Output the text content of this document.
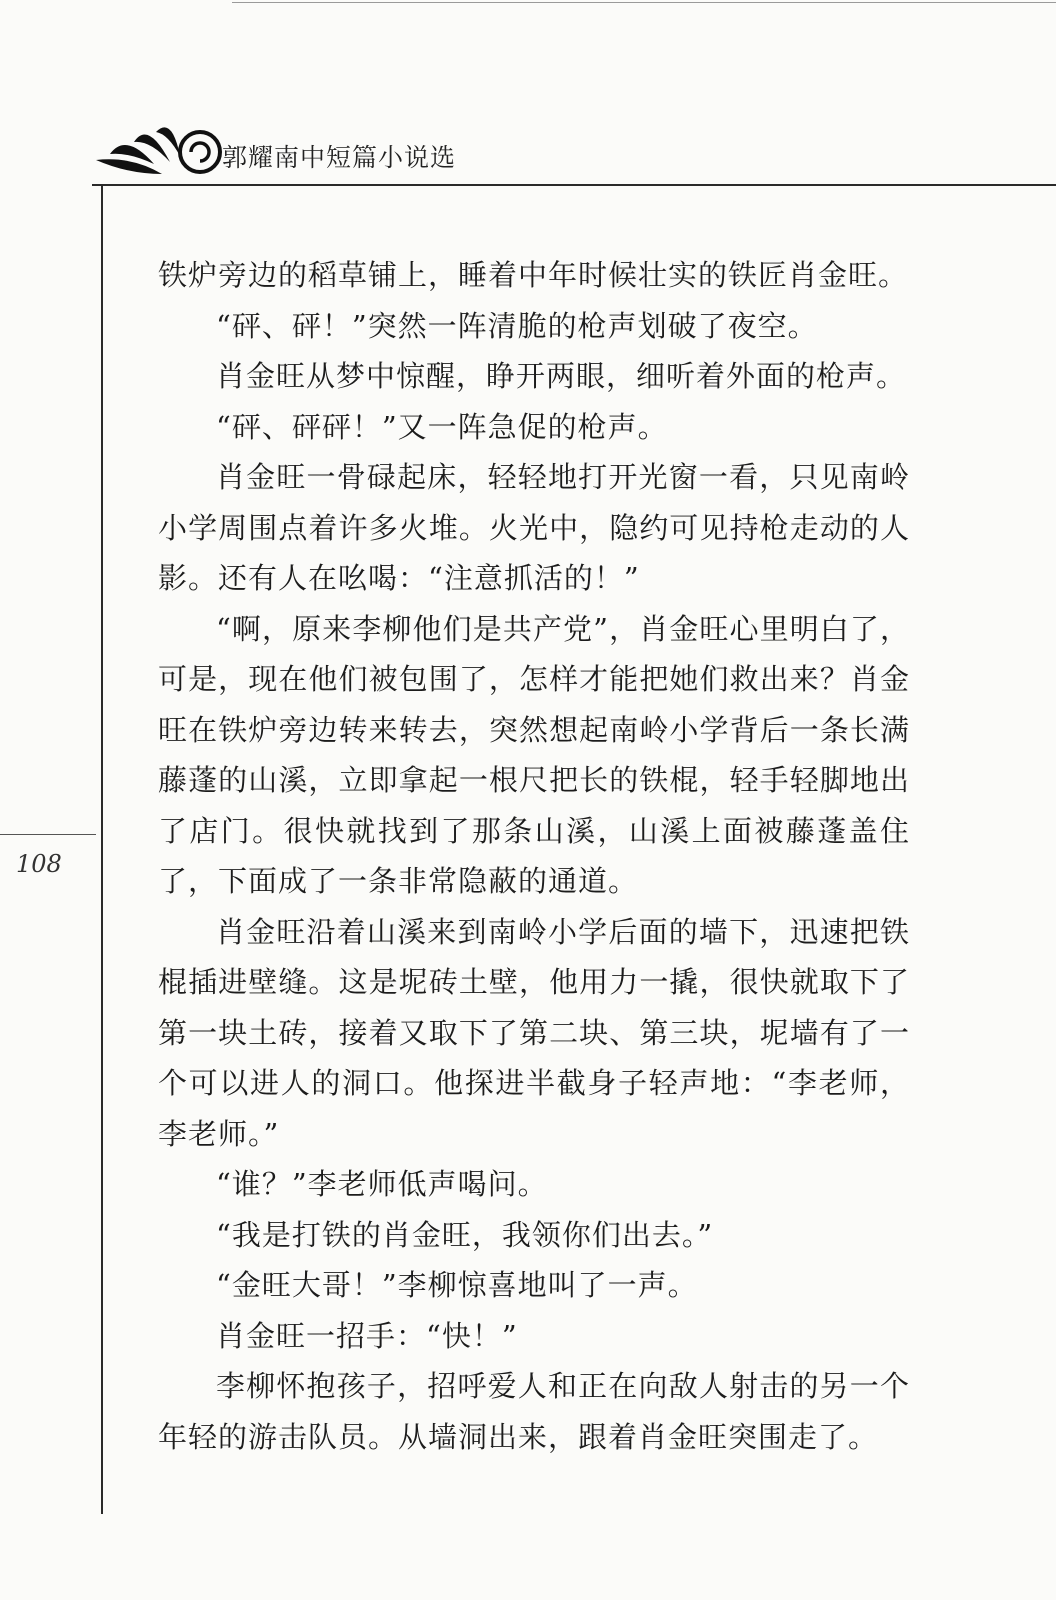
郭耀南中短篇小说选
108

铁炉旁边的稻草铺上，睡着中年时候壮实的铁匠肖金旺。

“砰、砰！”突然一阵清脆的枪声划破了夜空。

肖金旺从梦中惊醒，睁开两眼，细听着外面的枪声。

“砰、砰砰！”又一阵急促的枪声。

肖金旺一骨碌起床，轻轻地打开光窗一看，只见南岭小学周围点着许多火堆。火光中，隐约可见持枪走动的人影。还有人在吆喝：“注意抓活的！”

“啊，原来李柳他们是共产党”，肖金旺心里明白了，可是，现在他们被包围了，怎样才能把她们救出来？肖金旺在铁炉旁边转来转去，突然想起南岭小学背后一条长满藤蓬的山溪，立即拿起一根尺把长的铁棍，轻手轻脚地出了店门。很快就找到了那条山溪，山溪上面被藤蓬盖住了，下面成了一条非常隐蔽的通道。

肖金旺沿着山溪来到南岭小学后面的墙下，迅速把铁棍插进壁缝。这是坭砖土壁，他用力一撬，很快就取下了第一块土砖，接着又取下了第二块、第三块，坭墙有了一个可以进人的洞口。他探进半截身子轻声地：“李老师，李老师。”

“谁？”李老师低声喝问。

“我是打铁的肖金旺，我领你们出去。”

“金旺大哥！”李柳惊喜地叫了一声。

肖金旺一招手：“快！”

李柳怀抱孩子，招呼爱人和正在向敌人射击的另一个年轻的游击队员。从墙洞出来，跟着肖金旺突围走了。
